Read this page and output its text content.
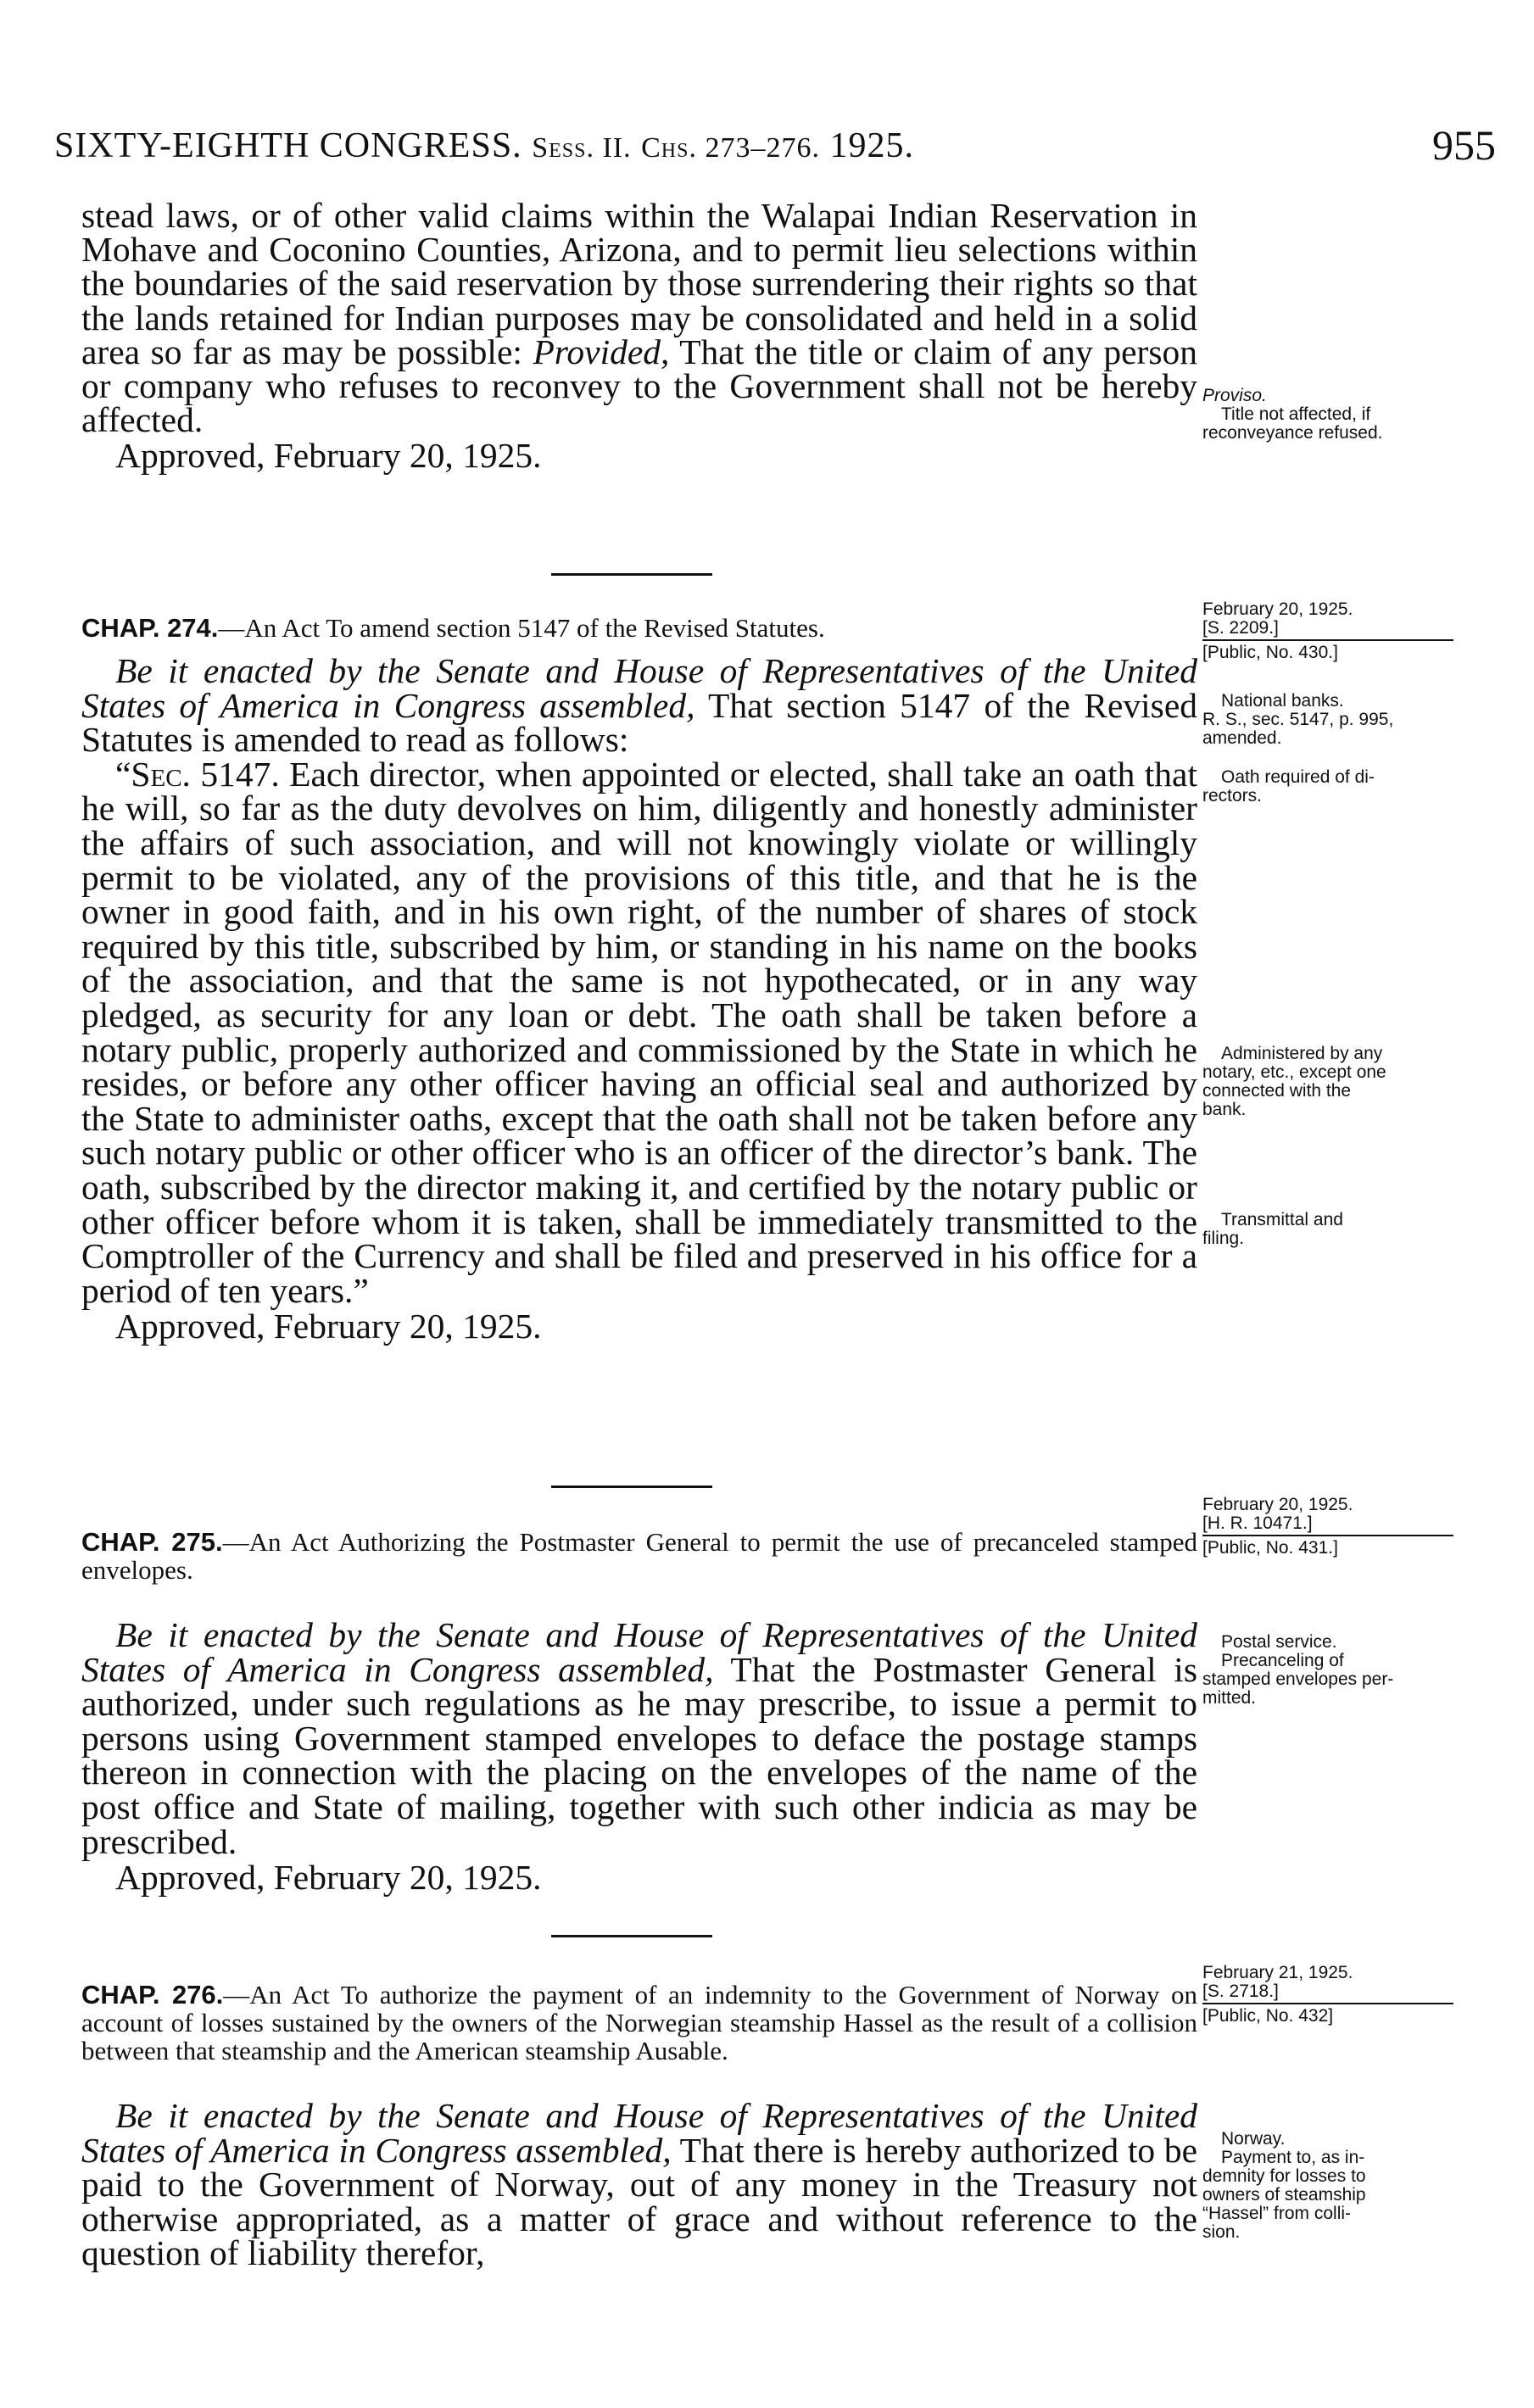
SIXTY-EIGHTH CONGRESS. Sess. II. Chs. 273–276. 1925.	955

stead laws, or of other valid claims within the Walapai Indian Reservation in Mohave and Coconino Counties, Arizona, and to permit lieu selections within the boundaries of the said reservation by those surrendering their rights so that the lands retained for Indian purposes may be consolidated and held in a solid area so far as may be possible: Provided, That the title or claim of any person or company who refuses to reconvey to the Government shall not be hereby affected.

Approved, February 20, 1925.

Proviso.
Title not affected, if
reconveyance refused.
February 20, 1925.
[S. 2209.]
[Public, No. 430.]

CHAP. 274.—An Act To amend section 5147 of the Revised Statutes.

Be it enacted by the Senate and House of Representatives of the United States of America in Congress assembled, That section 5147 of the Revised Statutes is amended to read as follows:

“Sec. 5147. Each director, when appointed or elected, shall take an oath that he will, so far as the duty devolves on him, diligently and honestly administer the affairs of such association, and will not knowingly violate or willingly permit to be violated, any of the provisions of this title, and that he is the owner in good faith, and in his own right, of the number of shares of stock required by this title, subscribed by him, or standing in his name on the books of the association, and that the same is not hypothecated, or in any way pledged, as security for any loan or debt. The oath shall be taken before a notary public, properly authorized and commissioned by the State in which he resides, or before any other officer having an official seal and authorized by the State to administer oaths, except that the oath shall not be taken before any such notary public or other officer who is an officer of the director’s bank. The oath, subscribed by the director making it, and certified by the notary public or other officer before whom it is taken, shall be immediately transmitted to the Comptroller of the Currency and shall be filed and preserved in his office for a period of ten years.”

Approved, February 20, 1925.

National banks.
R. S., sec. 5147, p. 995,
amended.
Oath required of di-
rectors.
Administered by any
notary, etc., except one
connected with the
bank.
Transmittal and
filing.
February 20, 1925.
[H. R. 10471.]
[Public, No. 431.]

CHAP. 275.—An Act Authorizing the Postmaster General to permit the use of precanceled stamped envelopes.

Be it enacted by the Senate and House of Representatives of the United States of America in Congress assembled, That the Postmaster General is authorized, under such regulations as he may prescribe, to issue a permit to persons using Government stamped envelopes to deface the postage stamps thereon in connection with the placing on the envelopes of the name of the post office and State of mailing, together with such other indicia as may be prescribed.

Approved, February 20, 1925.

Postal service.
Precanceling of
stamped envelopes per-
mitted.
February 21, 1925.
[S. 2718.]
[Public, No. 432]

CHAP. 276.—An Act To authorize the payment of an indemnity to the Government of Norway on account of losses sustained by the owners of the Norwegian steamship Hassel as the result of a collision between that steamship and the American steamship Ausable.

Be it enacted by the Senate and House of Representatives of the United States of America in Congress assembled, That there is hereby authorized to be paid to the Government of Norway, out of any money in the Treasury not otherwise appropriated, as a matter of grace and without reference to the question of liability therefor,

Norway.
Payment to, as in-
demnity for losses to
owners of steamship
“Hassel” from colli-
sion.
